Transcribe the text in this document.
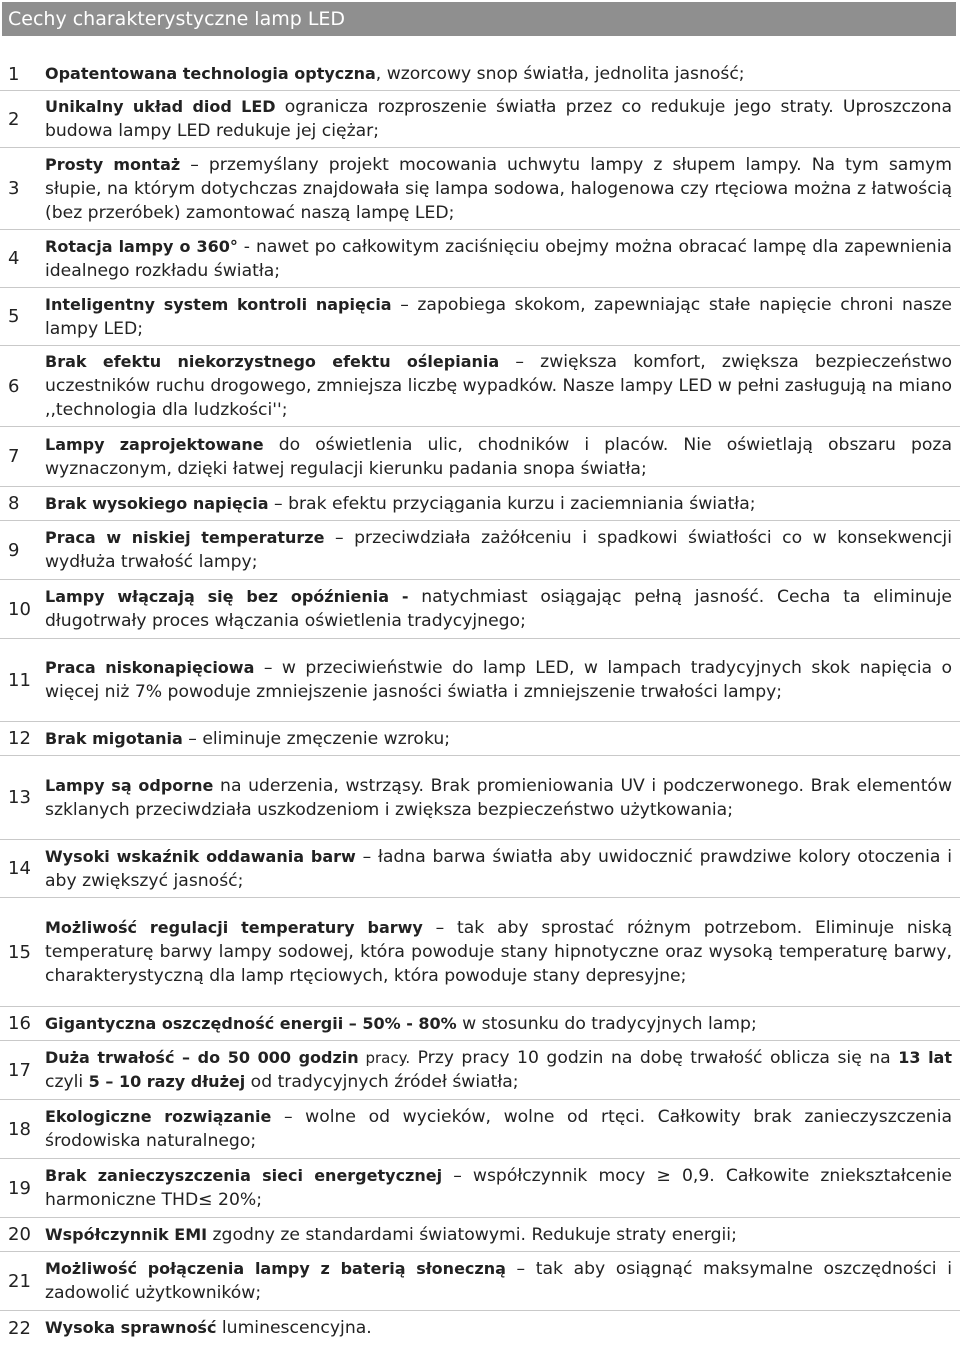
Cechy charakterystyczne lamp LED
1	Opatentowana technologia optyczna, wzorcowy snop światła, jednolita jasność;
2
Unikalny układ diod LED ogranicza rozproszenie światła przez co redukuje jego straty. Uproszczona budowa lampy LED redukuje jej ciężar;
3
Prosty montaż – przemyślany projekt mocowania uchwytu lampy z słupem lampy. Na tym samym słupie, na którym dotychczas znajdowała się lampa sodowa, halogenowa czy rtęciowa można z łatwością (bez przeróbek) zamontować naszą lampę LED;
4
Rotacja lampy o 360° - nawet po całkowitym zaciśnięciu obejmy można obracać lampę dla zapewnienia idealnego rozkładu światła;
5
Inteligentny system kontroli napięcia – zapobiega skokom, zapewniając stałe napięcie chroni nasze lampy LED;
6
Brak efektu niekorzystnego efektu oślepiania – zwiększa komfort, zwiększa bezpieczeństwo uczestników ruchu drogowego, zmniejsza liczbę wypadków. Nasze lampy LED w pełni zasługują na miano ,,technologia dla ludzkości'';
7
Lampy zaprojektowane do oświetlenia ulic, chodników i placów. Nie oświetlają obszaru poza wyznaczonym, dzięki łatwej regulacji kierunku padania snopa światła;
8	Brak wysokiego napięcia – brak efektu przyciągania kurzu i zaciemniania światła;
9
Praca w niskiej temperaturze – przeciwdziała zażółceniu i spadkowi światłości co w konsekwencji wydłuża trwałość lampy;
10
Lampy włączają się bez opóźnienia - natychmiast osiągając pełną jasność. Cecha ta eliminuje długotrwały proces włączania oświetlenia tradycyjnego;
11
Praca niskonapięciowa – w przeciwieństwie do lamp LED, w lampach tradycyjnych skok napięcia o więcej niż 7% powoduje zmniejszenie jasności światła i zmniejszenie trwałości lampy;
12 Brak migotania – eliminuje zmęczenie wzroku;
13
Lampy są odporne na uderzenia, wstrząsy. Brak promieniowania UV i podczerwonego. Brak elementów szklanych przeciwdziała uszkodzeniom i zwiększa bezpieczeństwo użytkowania;
14
Wysoki wskaźnik oddawania barw – ładna barwa światła aby uwidocznić prawdziwe kolory otoczenia i aby zwiększyć jasność;
15
Możliwość regulacji temperatury barwy – tak aby sprostać różnym potrzebom. Eliminuje niską temperaturę barwy lampy sodowej, która powoduje stany hipnotyczne oraz wysoką temperaturę barwy, charakterystyczną dla lamp rtęciowych, która powoduje stany depresyjne;
16 Gigantyczna oszczędność energii – 50% - 80% w stosunku do tradycyjnych lamp;
17
Duża trwałość – do 50 000 godzin pracy. Przy pracy 10 godzin na dobę trwałość oblicza się na 13 lat czyli 5 – 10 razy dłużej od tradycyjnych źródeł światła;
18
Ekologiczne rozwiązanie – wolne od wycieków, wolne od rtęci. Całkowity brak zanieczyszczenia środowiska naturalnego;
19
Brak zanieczyszczenia sieci energetycznej – współczynnik mocy ≥ 0,9. Całkowite zniekształcenie harmoniczne THD≤ 20%;
20 Współczynnik EMI zgodny ze standardami światowymi. Redukuje straty energii;
21
Możliwość połączenia lampy z baterią słoneczną – tak aby osiągnąć maksymalne oszczędności i zadowolić użytkowników;
22 Wysoka sprawność luminescencyjna.
